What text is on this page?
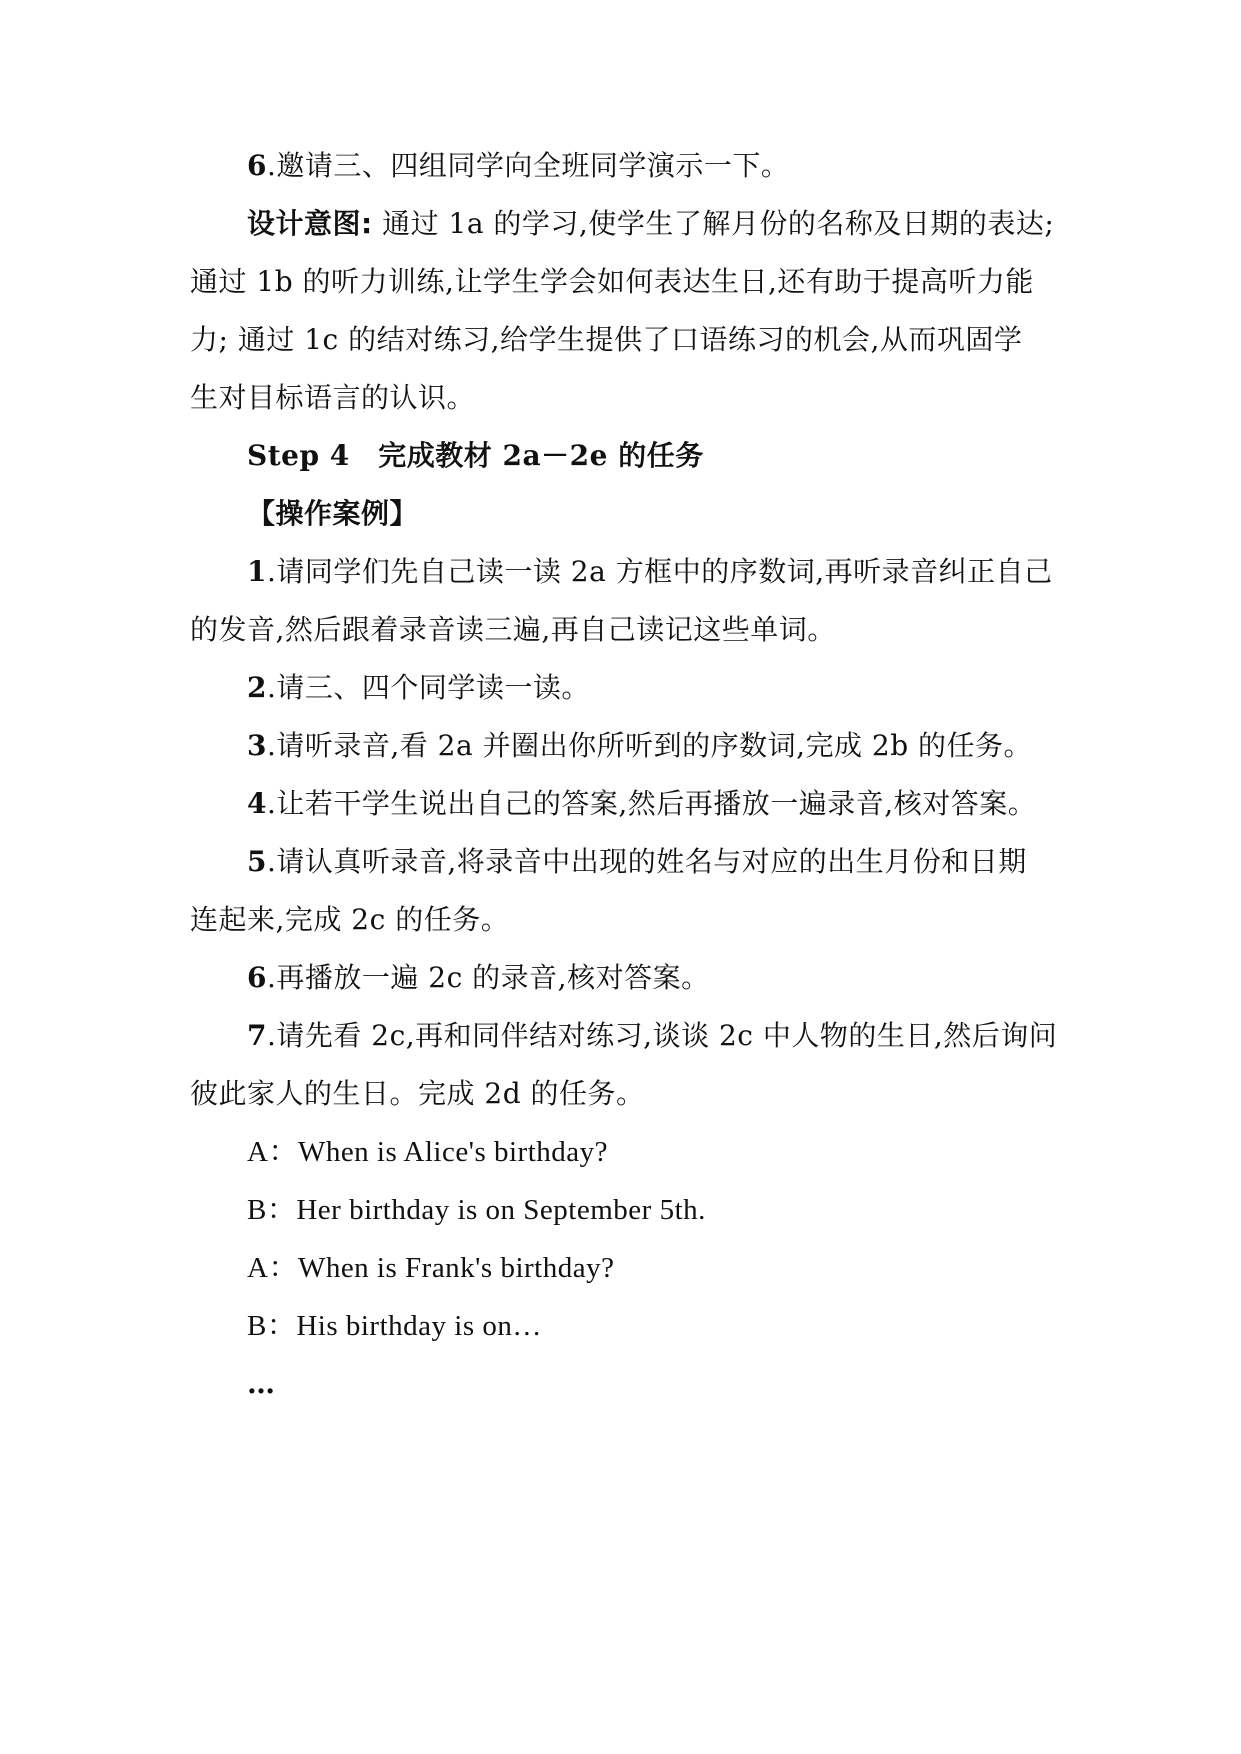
6.邀请三、四组同学向全班同学演示一下。
设计意图: 通过 1a 的学习,使学生了解月份的名称及日期的表达;
通过 1b 的听力训练,让学生学会如何表达生日,还有助于提高听力能
力; 通过 1c 的结对练习,给学生提供了口语练习的机会,从而巩固学
生对目标语言的认识。
Step 4　完成教材 2a－2e 的任务
【操作案例】
1.请同学们先自己读一读 2a 方框中的序数词,再听录音纠正自己
的发音,然后跟着录音读三遍,再自己读记这些单词。
2.请三、四个同学读一读。
3.请听录音,看 2a 并圈出你所听到的序数词,完成 2b 的任务。
4.让若干学生说出自己的答案,然后再播放一遍录音,核对答案。
5.请认真听录音,将录音中出现的姓名与对应的出生月份和日期
连起来,完成 2c 的任务。
6.再播放一遍 2c 的录音,核对答案。
7.请先看 2c,再和同伴结对练习,谈谈 2c 中人物的生日,然后询问
彼此家人的生日。完成 2d 的任务。
A：When is Alice's birthday?
B：Her birthday is on September 5th.
A：When is Frank's birthday?
B：His birthday is on…
…
